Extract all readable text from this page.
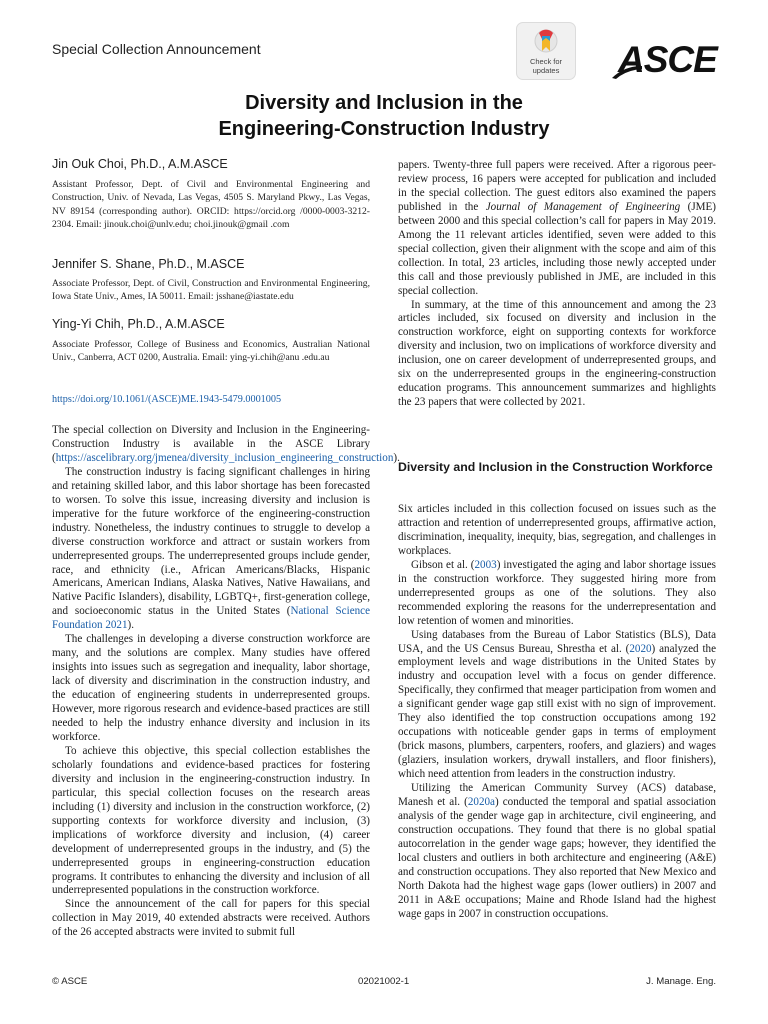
Special Collection Announcement
Check for
updates	ASCE
Diversity and Inclusion in the
Engineering-Construction Industry
Jin Ouk Choi, Ph.D., A.M.ASCE
Assistant Professor, Dept. of Civil and Environmental Engineering and Construction, Univ. of Nevada, Las Vegas, 4505 S. Maryland Pkwy., Las Vegas, NV 89154 (corresponding author). ORCID: https://orcid.org /0000-0003-3212-2304. Email: jinouk.choi@unlv.edu; choi.jinouk@gmail .com
Jennifer S. Shane, Ph.D., M.ASCE
Associate Professor, Dept. of Civil, Construction and Environmental Engineering, Iowa State Univ., Ames, IA 50011. Email: jsshane@iastate.edu
Ying-Yi Chih, Ph.D., A.M.ASCE
Associate Professor, College of Business and Economics, Australian National Univ., Canberra, ACT 0200, Australia. Email: ying-yi.chih@anu .edu.au
https://doi.org/10.1061/(ASCE)ME.1943-5479.0001005

The special collection on Diversity and Inclusion in the Engineering-Construction Industry is available in the ASCE Library (https://ascelibrary.org/jmenea/diversity_inclusion_engineering_construction).

The construction industry is facing significant challenges in hiring and retaining skilled labor, and this labor shortage has been forecasted to worsen. To solve this issue, increasing diversity and inclusion is imperative for the future workforce of the engineering-construction industry. Nonetheless, the industry continues to struggle to develop a diverse construction workforce and attract or sustain workers from underrepresented groups. The underrepresented groups include gender, race, and ethnicity (i.e., African Americans/Blacks, Hispanic Americans, American Indians, Alaska Natives, Native Hawaiians, and Native Pacific Islanders), disability, LGBTQ+, first-generation college, and socioeconomic status in the United States (National Science Foundation 2021).

The challenges in developing a diverse construction workforce are many, and the solutions are complex. Many studies have offered insights into issues such as segregation and inequality, labor shortage, lack of diversity and discrimination in the construction industry, and the education of engineering students in underrepresented groups. However, more rigorous research and evidence-based practices are still needed to help the industry enhance diversity and inclusion in its workforce.

To achieve this objective, this special collection establishes the scholarly foundations and evidence-based practices for fostering diversity and inclusion in the engineering-construction industry. In particular, this special collection focuses on the research areas including (1) diversity and inclusion in the construction workforce, (2) supporting contexts for workforce diversity and inclusion, (3) implications of workforce diversity and inclusion, (4) career development of underrepresented groups in the industry, and (5) the underrepresented groups in engineering-construction education programs. It contributes to enhancing the diversity and inclusion of all underrepresented populations in the construction workforce.

Since the announcement of the call for papers for this special collection in May 2019, 40 extended abstracts were received. Authors of the 26 accepted abstracts were invited to submit full

papers. Twenty-three full papers were received. After a rigorous peer-review process, 16 papers were accepted for publication and included in the special collection. The guest editors also examined the papers published in the Journal of Management of Engineering (JME) between 2000 and this special collection’s call for papers in May 2019. Among the 11 relevant articles identified, seven were added to this special collection, given their alignment with the scope and aim of this collection. In total, 23 articles, including those newly accepted under this call and those previously published in JME, are included in this special collection.

In summary, at the time of this announcement and among the 23 articles included, six focused on diversity and inclusion in the construction workforce, eight on supporting contexts for workforce diversity and inclusion, two on implications of workforce diversity and inclusion, one on career development of underrepresented groups, and six on the underrepresented groups in the engineering-construction education programs. This announcement summarizes and highlights the 23 papers that were collected by 2021.

Diversity and Inclusion in the Construction Workforce

Six articles included in this collection focused on issues such as the attraction and retention of underrepresented groups, affirmative action, discrimination, inequality, inequity, bias, segregation, and challenges in workplaces.

Gibson et al. (2003) investigated the aging and labor shortage issues in the construction workforce. They suggested hiring more from underrepresented groups as one of the solutions. They also recommended exploring the reasons for the underrepresentation and low retention of women and minorities.

Using databases from the Bureau of Labor Statistics (BLS), Data USA, and the US Census Bureau, Shrestha et al. (2020) analyzed the employment levels and wage distributions in the United States by industry and occupation level with a focus on gender difference. Specifically, they confirmed that meager participation from women and a significant gender wage gap still exist with no sign of improvement. They also identified the top construction occupations among 192 occupations with noticeable gender gaps in terms of employment (brick masons, plumbers, carpenters, roofers, and glaziers) and wages (glaziers, insulation workers, drywall installers, and floor finishers), which need attention from leaders in the construction industry.

Utilizing the American Community Survey (ACS) database, Manesh et al. (2020a) conducted the temporal and spatial association analysis of the gender wage gap in architecture, civil engineering, and construction occupations. They found that there is no global spatial autocorrelation in the gender wage gaps; however, they identified the local clusters and outliers in both architecture and engineering (A&E) and construction occupations. They also reported that New Mexico and North Dakota had the highest wage gaps (lower outliers) in 2007 and 2011 in A&E occupations; Maine and Rhode Island had the highest wage gaps in 2007 in construction occupations.

© ASCE	02021002-1	J. Manage. Eng.
